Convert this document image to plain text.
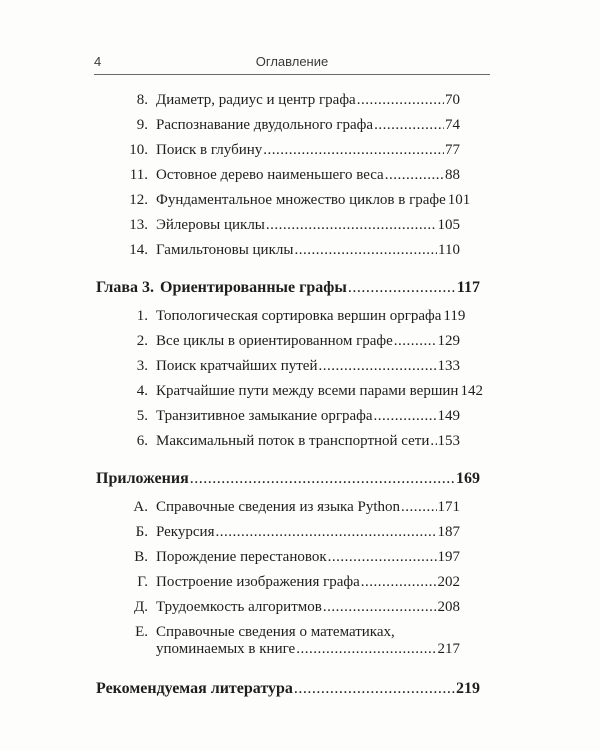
4	Оглавление
8. Диаметр, радиус и центр графа .....	70
9. Распознавание двудольного графа .....	74
10. Поиск в глубину .....	77
11. Остовное дерево наименьшего веса .....	88
12. Фундаментальное множество циклов в графе 101
13. Эйлеровы циклы .....	105
14. Гамильтоновы циклы .....	110
Глава 3. Ориентированные графы .....	117
1. Топологическая сортировка вершин орграфа 119
2. Все циклы в ориентированном графе .....	129
3. Поиск кратчайших путей .....	133
4. Кратчайшие пути между всеми парами вершин 142
5. Транзитивное замыкание орграфа .....	149
6. Максимальный поток в транспортной сети ..... 153
Приложения .....	169
А. Справочные сведения из языка Python ..... 171
Б. Рекурсия .....	187
В. Порождение перестановок .....	197
Г. Построение изображения графа .....	202
Д. Трудоемкость алгоритмов .....	208
Е. Справочные сведения о математиках,
упоминаемых в книге .....	217
Рекомендуемая литература .....	219
